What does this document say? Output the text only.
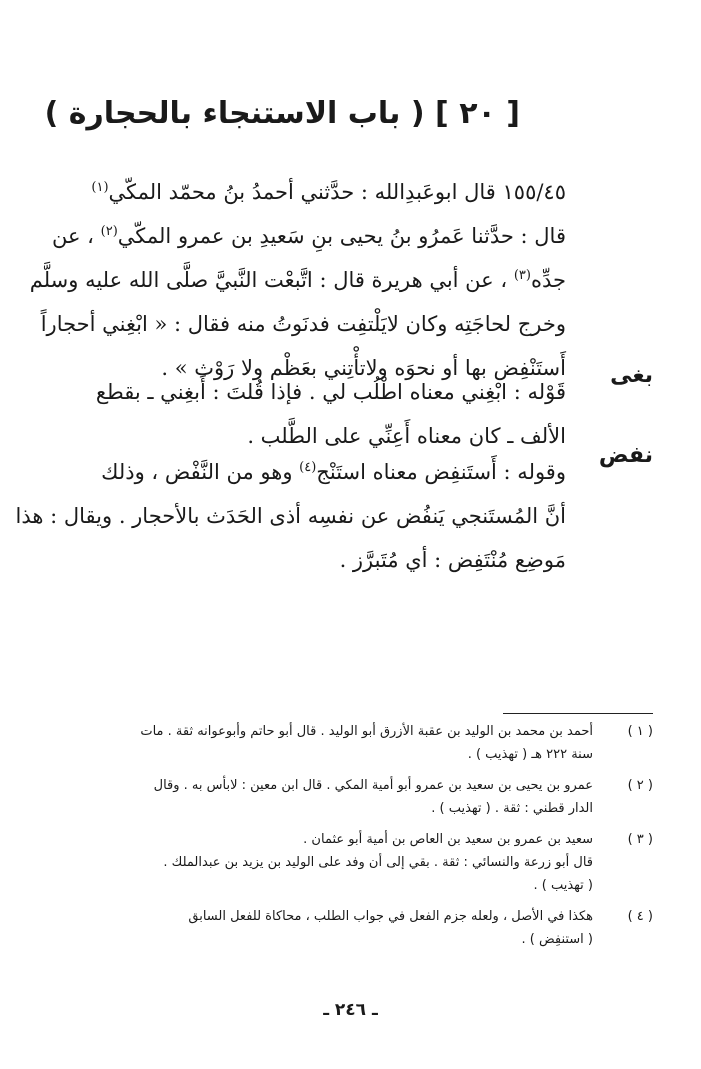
[ ٢٠ ] ( باب الاستنجاء بالحجارة )
١٥٥/٤٥ قال ابوعَبدِالله : حدَّثني أحمدُ بنُ محمّد المكّي$^{(١)}$
قال : حدَّثنا عَمرُو بنُ يحيى بنِ سَعيدِ بن عمرو المكّي$^{(٢)}$ ، عن
جدِّه$^{(٣)}$ ، عن أبي هريرة قال : اتَّبعْت النَّبيَّ صلَّى الله عليه وسلَّم
وخرج لحاجَتِه وكان لايَلْتفِت فدنَوتُ منه فقال : « ابْغِني أحجاراً
أَستَنْفِض بها أو نحوَه ولاتأْتِني بعَظْم ولا رَوْث » . بغى
قَوْله : ابْغِني معناه اطْلُب لي . فإذا قُلتَ : أَبغِني ـ بقطع
الألف ـ كان معناه أَعِنِّي على الطَّلب .
نفض
وقوله : أَستَنفِض معناه استَنْج$^{(٤)}$ وهو من النَّفْض ، وذلك
أنَّ المُستَنجي يَنفُض عن نفسِه أذى الحَدَث بالأحجار . ويقال : هذا
مَوضِع مُنْتَفِض : أي مُتَبرَّز .
( ١ )
أحمد بن محمد بن الوليد بن عقبة الأزرق أبو الوليد . قال أبو حاتم وأبوعوانه ثقة . مات
سنة ٢٢٢ هـ ( تهذيب ) .
( ٢ )
عمرو بن يحيى بن سعيد بن عمرو أبو أمية المكي . قال ابن معين : لابأس به . وقال
الدار قطني : ثقة . ( تهذيب ) .
( ٣ )
سعيد بن عمرو بن سعيد بن العاص بن أمية أبو عثمان .
قال أبو زرعة والنسائي : ثقة . بقي إلى أن وفد على الوليد بن يزيد بن عبدالملك .
( تهذيب ) .
( ٤ )
هكذا في الأصل ، ولعله جزم الفعل في جواب الطلب ، محاكاة للفعل السابق
( استنفِض ) .
ـ ٢٤٦ ـ
